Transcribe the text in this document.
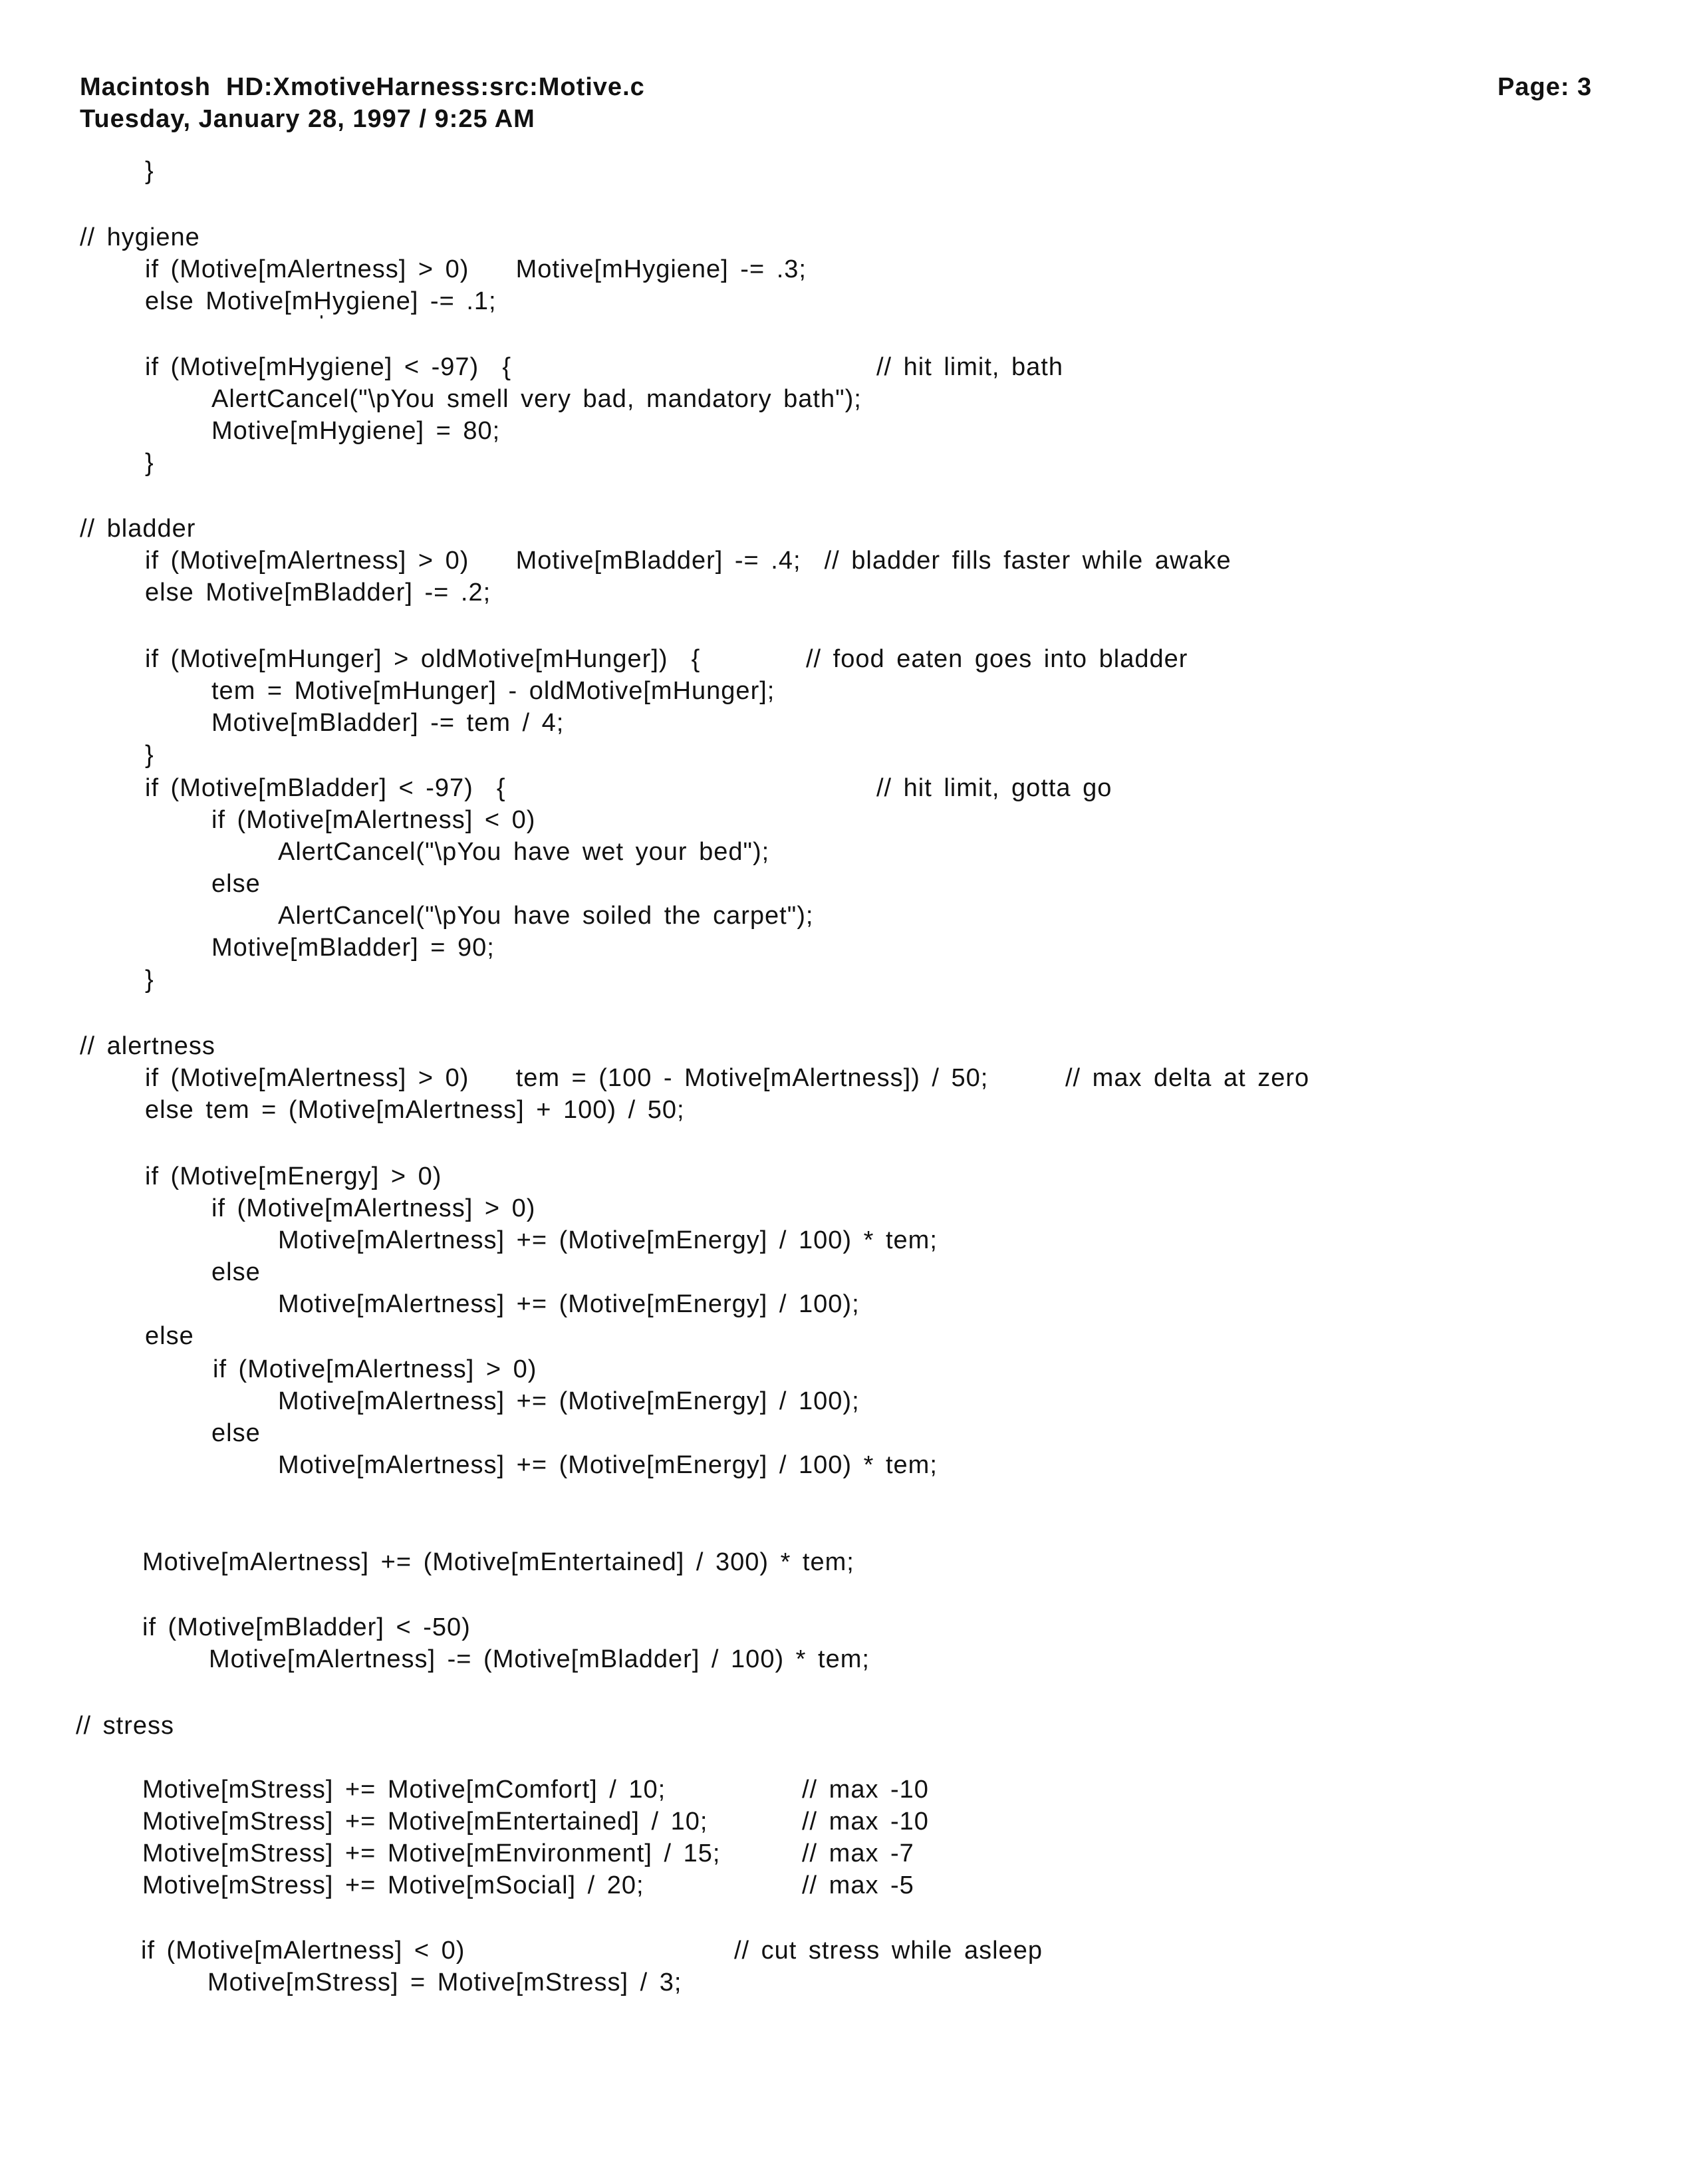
Macintosh  HD:XmotiveHarness:src:Motive.c
Tuesday, January 28, 1997 / 9:25 AM
Page: 3
}
// hygiene
if (Motive[mAlertness] > 0)    Motive[mHygiene] -= .3;
else Motive[mHygiene] -= .1;
if (Motive[mHygiene] < -97)  {	// hit limit, bath
AlertCancel("\pYou smell very bad, mandatory bath");
Motive[mHygiene] = 80;
}
// bladder
if (Motive[mAlertness] > 0)    Motive[mBladder] -= .4;  // bladder fills faster while awake
else Motive[mBladder] -= .2;
if (Motive[mHunger] > oldMotive[mHunger])  {	// food eaten goes into bladder
tem = Motive[mHunger] - oldMotive[mHunger];
Motive[mBladder] -= tem / 4;
}
if (Motive[mBladder] < -97)  {	// hit limit, gotta go
if (Motive[mAlertness] < 0)
AlertCancel("\pYou have wet your bed");
else
AlertCancel("\pYou have soiled the carpet");
Motive[mBladder] = 90;
}
// alertness
if (Motive[mAlertness] > 0)    tem = (100 - Motive[mAlertness]) / 50;	// max delta at zero
else tem = (Motive[mAlertness] + 100) / 50;
if (Motive[mEnergy] > 0)
if (Motive[mAlertness] > 0)
Motive[mAlertness] += (Motive[mEnergy] / 100) * tem;
else
Motive[mAlertness] += (Motive[mEnergy] / 100);
else
if (Motive[mAlertness] > 0)
Motive[mAlertness] += (Motive[mEnergy] / 100);
else
Motive[mAlertness] += (Motive[mEnergy] / 100) * tem;
Motive[mAlertness] += (Motive[mEntertained] / 300) * tem;
if (Motive[mBladder] < -50)
Motive[mAlertness] -= (Motive[mBladder] / 100) * tem;
// stress
Motive[mStress] += Motive[mComfort] / 10;	// max -10
Motive[mStress] += Motive[mEntertained] / 10;	// max -10
Motive[mStress] += Motive[mEnvironment] / 15;	// max -7
Motive[mStress] += Motive[mSocial] / 20;	// max -5
if (Motive[mAlertness] < 0)	// cut stress while asleep
Motive[mStress] = Motive[mStress] / 3;
